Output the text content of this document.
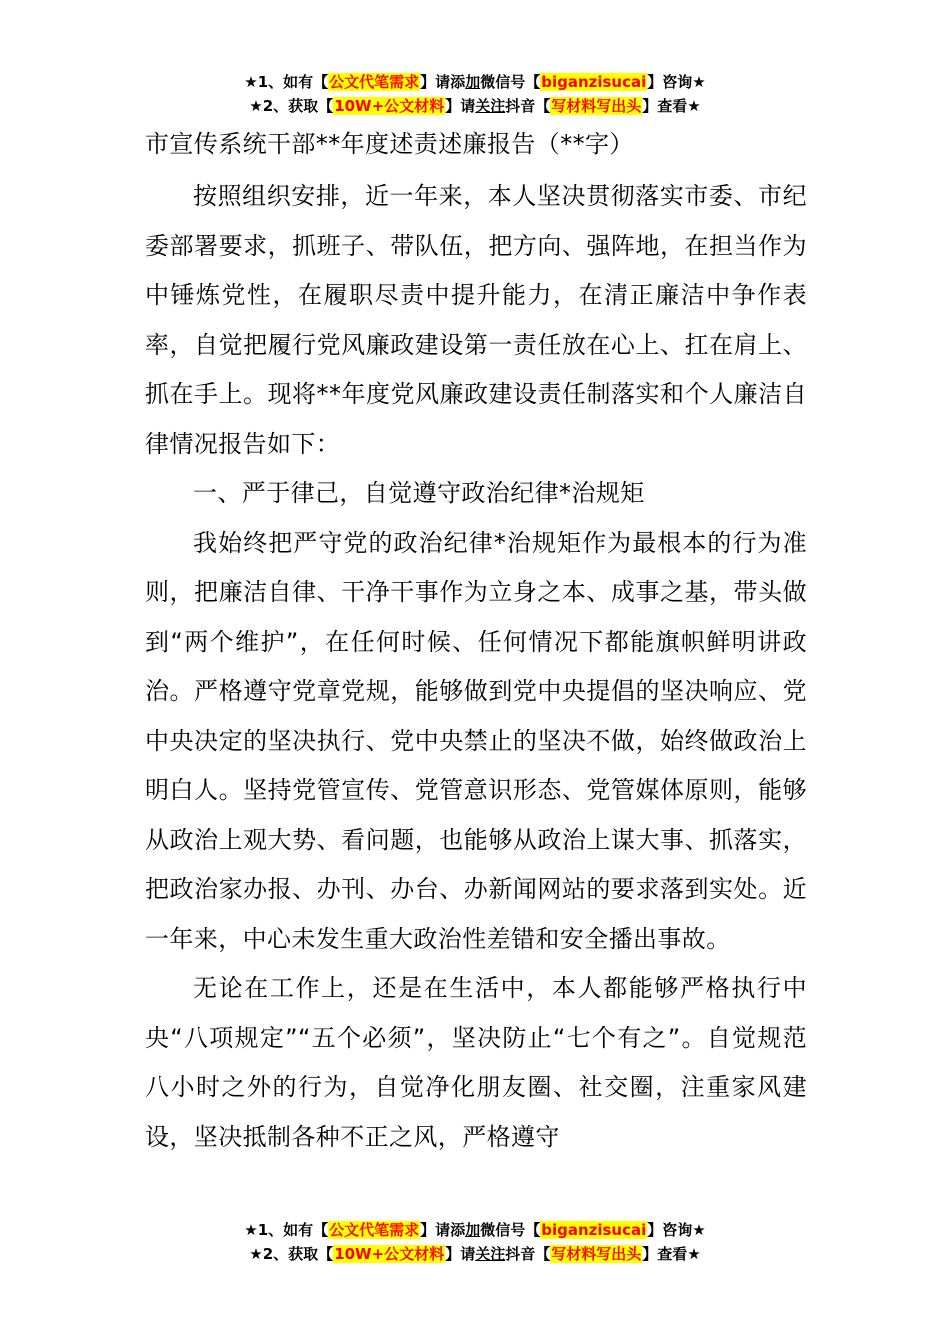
★1、如有【公文代笔需求】请添加微信号【biganzisucai】咨询★
★2、获取【10W+公文材料】请关注抖音【写材料写出头】查看★
市宣传系统干部**年度述责述廉报告（**字）

按照组织安排，近一年来，本人坚决贯彻落实市委、市纪委部署要求，抓班子、带队伍，把方向、强阵地，在担当作为中锤炼党性，在履职尽责中提升能力，在清正廉洁中争作表率，自觉把履行党风廉政建设第一责任放在心上、扛在肩上、抓在手上。现将**年度党风廉政建设责任制落实和个人廉洁自律情况报告如下：

一、严于律己，自觉遵守政治纪律*治规矩

我始终把严守党的政治纪律*治规矩作为最根本的行为准则，把廉洁自律、干净干事作为立身之本、成事之基，带头做到“两个维护”，在任何时候、任何情况下都能旗帜鲜明讲政治。严格遵守党章党规，能够做到党中央提倡的坚决响应、党中央决定的坚决执行、党中央禁止的坚决不做，始终做政治上明白人。坚持党管宣传、党管意识形态、党管媒体原则，能够从政治上观大势、看问题，也能够从政治上谋大事、抓落实，把政治家办报、办刊、办台、办新闻网站的要求落到实处。近一年来，中心未发生重大政治性差错和安全播出事故。

无论在工作上，还是在生活中，本人都能够严格执行中央“八项规定”“五个必须”，坚决防止“七个有之”。自觉规范八小时之外的行为，自觉净化朋友圈、社交圈，注重家风建设，坚决抵制各种不正之风，严格遵守

★1、如有【公文代笔需求】请添加微信号【biganzisucai】咨询★
★2、获取【10W+公文材料】请关注抖音【写材料写出头】查看★
